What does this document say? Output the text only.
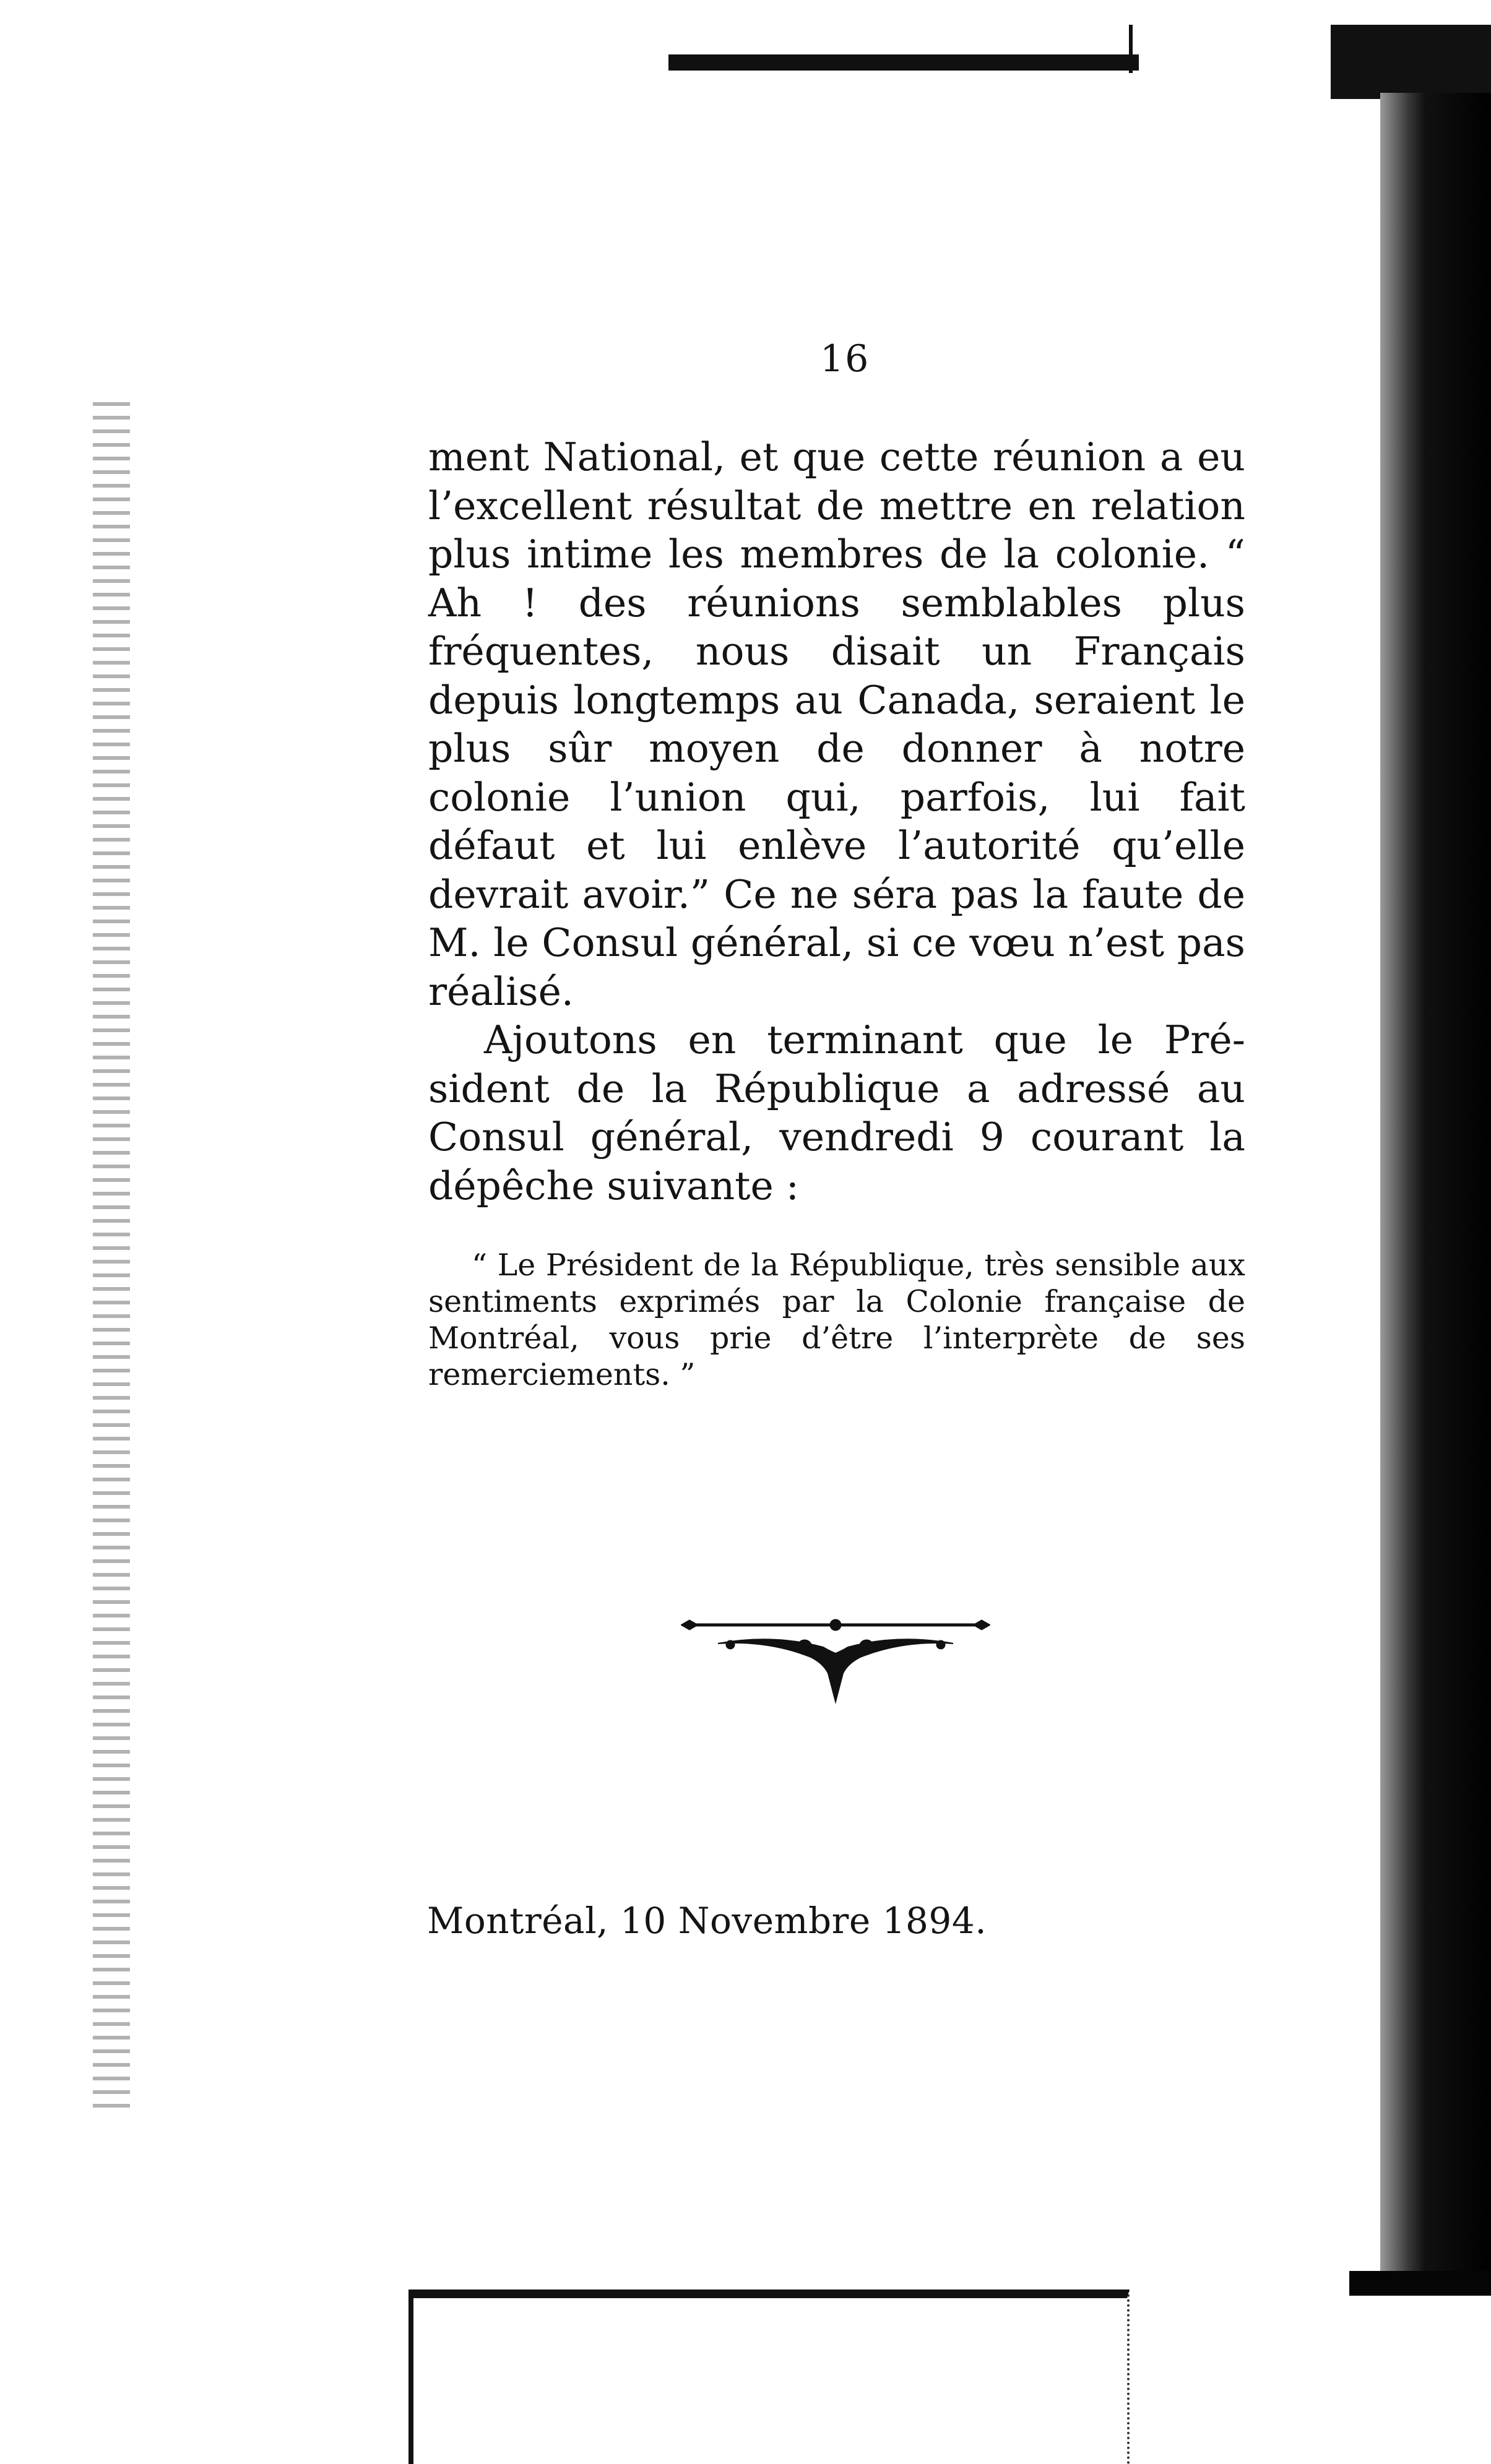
16

ment National, et que cette réunion a eu l’excellent résultat de mettre en relation plus intime les membres de la colonie. “ Ah ! des réunions semblables plus fréquentes, nous disait un Français depuis longtemps au Canada, seraient le plus sûr moyen de donner à notre colonie l’union qui, parfois, lui fait défaut et lui enlève l’autorité qu’elle devrait avoir.” Ce ne séra pas la faute de M. le Consul général, si ce vœu n’est pas réalisé.

Ajoutons en terminant que le Président de la République a adressé au Consul général, vendredi 9 courant la dépêche suivante :

“ Le Président de la République, très sensible aux sentiments exprimés par la Colonie française de Montréal, vous prie d’être l’interprète de ses remerciements. ”

Montréal, 10 Novembre 1894.
